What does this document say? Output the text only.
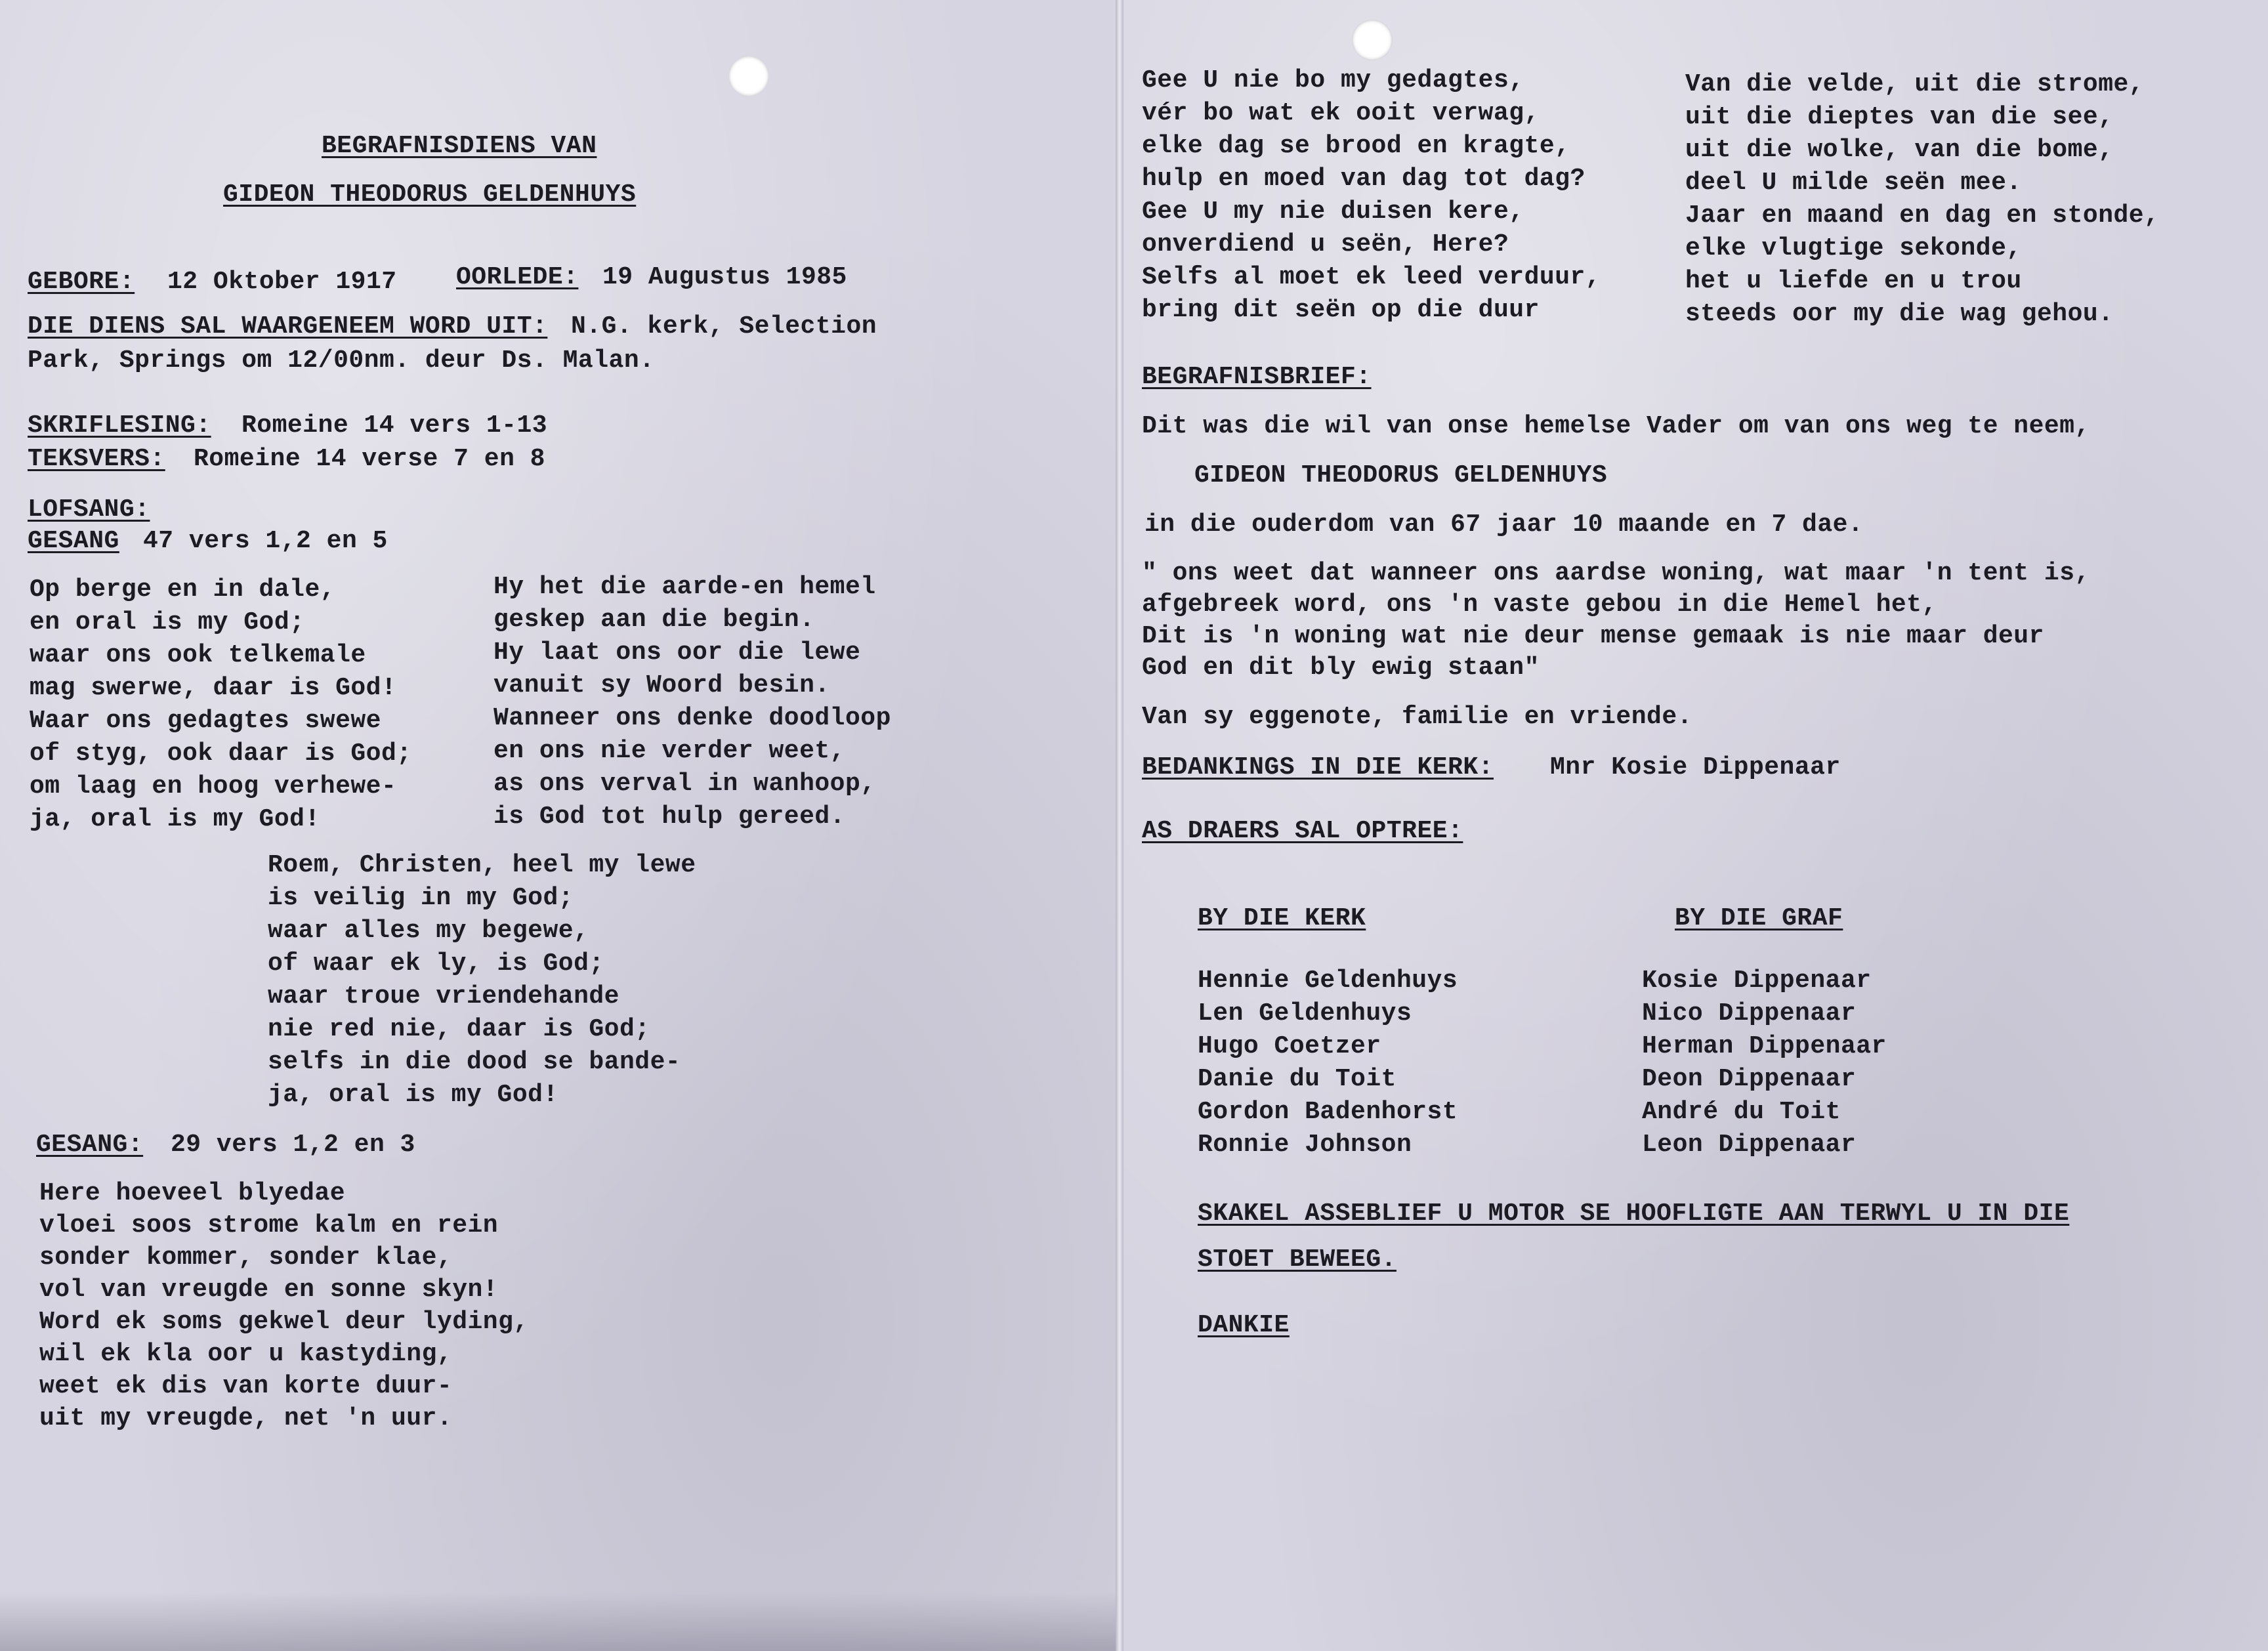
BEGRAFNISDIENS VAN
GIDEON THEODORUS GELDENHUYS
GEBORE: 12 Oktober 1917 OORLEDE: 19 Augustus 1985
DIE DIENS SAL WAARGENEEM WORD UIT: N.G. kerk, Selection
Park, Springs om 12/00nm. deur Ds. Malan.
SKRIFLESING: Romeine 14 vers 1-13
TEKSVERS: Romeine 14 verse 7 en 8
LOFSANG:
GESANG 47 vers 1,2 en 5
Op berge en in dale,
en oral is my God;
waar ons ook telkemale
mag swerwe, daar is God!
Waar ons gedagtes swewe
of styg, ook daar is God;
om laag en hoog verhewe-
ja, oral is my God!
Hy het die aarde-en hemel
geskep aan die begin.
Hy laat ons oor die lewe
vanuit sy Woord besin.
Wanneer ons denke doodloop
en ons nie verder weet,
as ons verval in wanhoop,
is God tot hulp gereed.
Roem, Christen, heel my lewe
is veilig in my God;
waar alles my begewe,
of waar ek ly, is God;
waar troue vriendehande
nie red nie, daar is God;
selfs in die dood se bande-
ja, oral is my God!
GESANG: 29 vers 1,2 en 3
Here hoeveel blyedae
vloei soos strome kalm en rein
sonder kommer, sonder klae,
vol van vreugde en sonne skyn!
Word ek soms gekwel deur lyding,
wil ek kla oor u kastyding,
weet ek dis van korte duur-
uit my vreugde, net 'n uur.
Gee U nie bo my gedagtes,
vér bo wat ek ooit verwag,
elke dag se brood en kragte,
hulp en moed van dag tot dag?
Gee U my nie duisen kere,
onverdiend u seën, Here?
Selfs al moet ek leed verduur,
bring dit seën op die duur
Van die velde, uit die strome,
uit die dieptes van die see,
uit die wolke, van die bome,
deel U milde seën mee.
Jaar en maand en dag en stonde,
elke vlugtige sekonde,
het u liefde en u trou
steeds oor my die wag gehou.
BEGRAFNISBRIEF:
Dit was die wil van onse hemelse Vader om van ons weg te neem,
GIDEON THEODORUS GELDENHUYS
in die ouderdom van 67 jaar 10 maande en 7 dae.
" ons weet dat wanneer ons aardse woning, wat maar 'n tent is,
afgebreek word, ons 'n vaste gebou in die Hemel het,
Dit is 'n woning wat nie deur mense gemaak is nie maar deur
God en dit bly ewig staan"
Van sy eggenote, familie en vriende.
BEDANKINGS IN DIE KERK: Mnr Kosie Dippenaar
AS DRAERS SAL OPTREE:
BY DIE KERK	BY DIE GRAF
Hennie Geldenhuys
Len Geldenhuys
Hugo Coetzer
Danie du Toit
Gordon Badenhorst
Ronnie Johnson
Kosie Dippenaar
Nico Dippenaar
Herman Dippenaar
Deon Dippenaar
André du Toit
Leon Dippenaar
SKAKEL ASSEBLIEF U MOTOR SE HOOFLIGTE AAN TERWYL U IN DIE
STOET BEWEEG.
DANKIE
